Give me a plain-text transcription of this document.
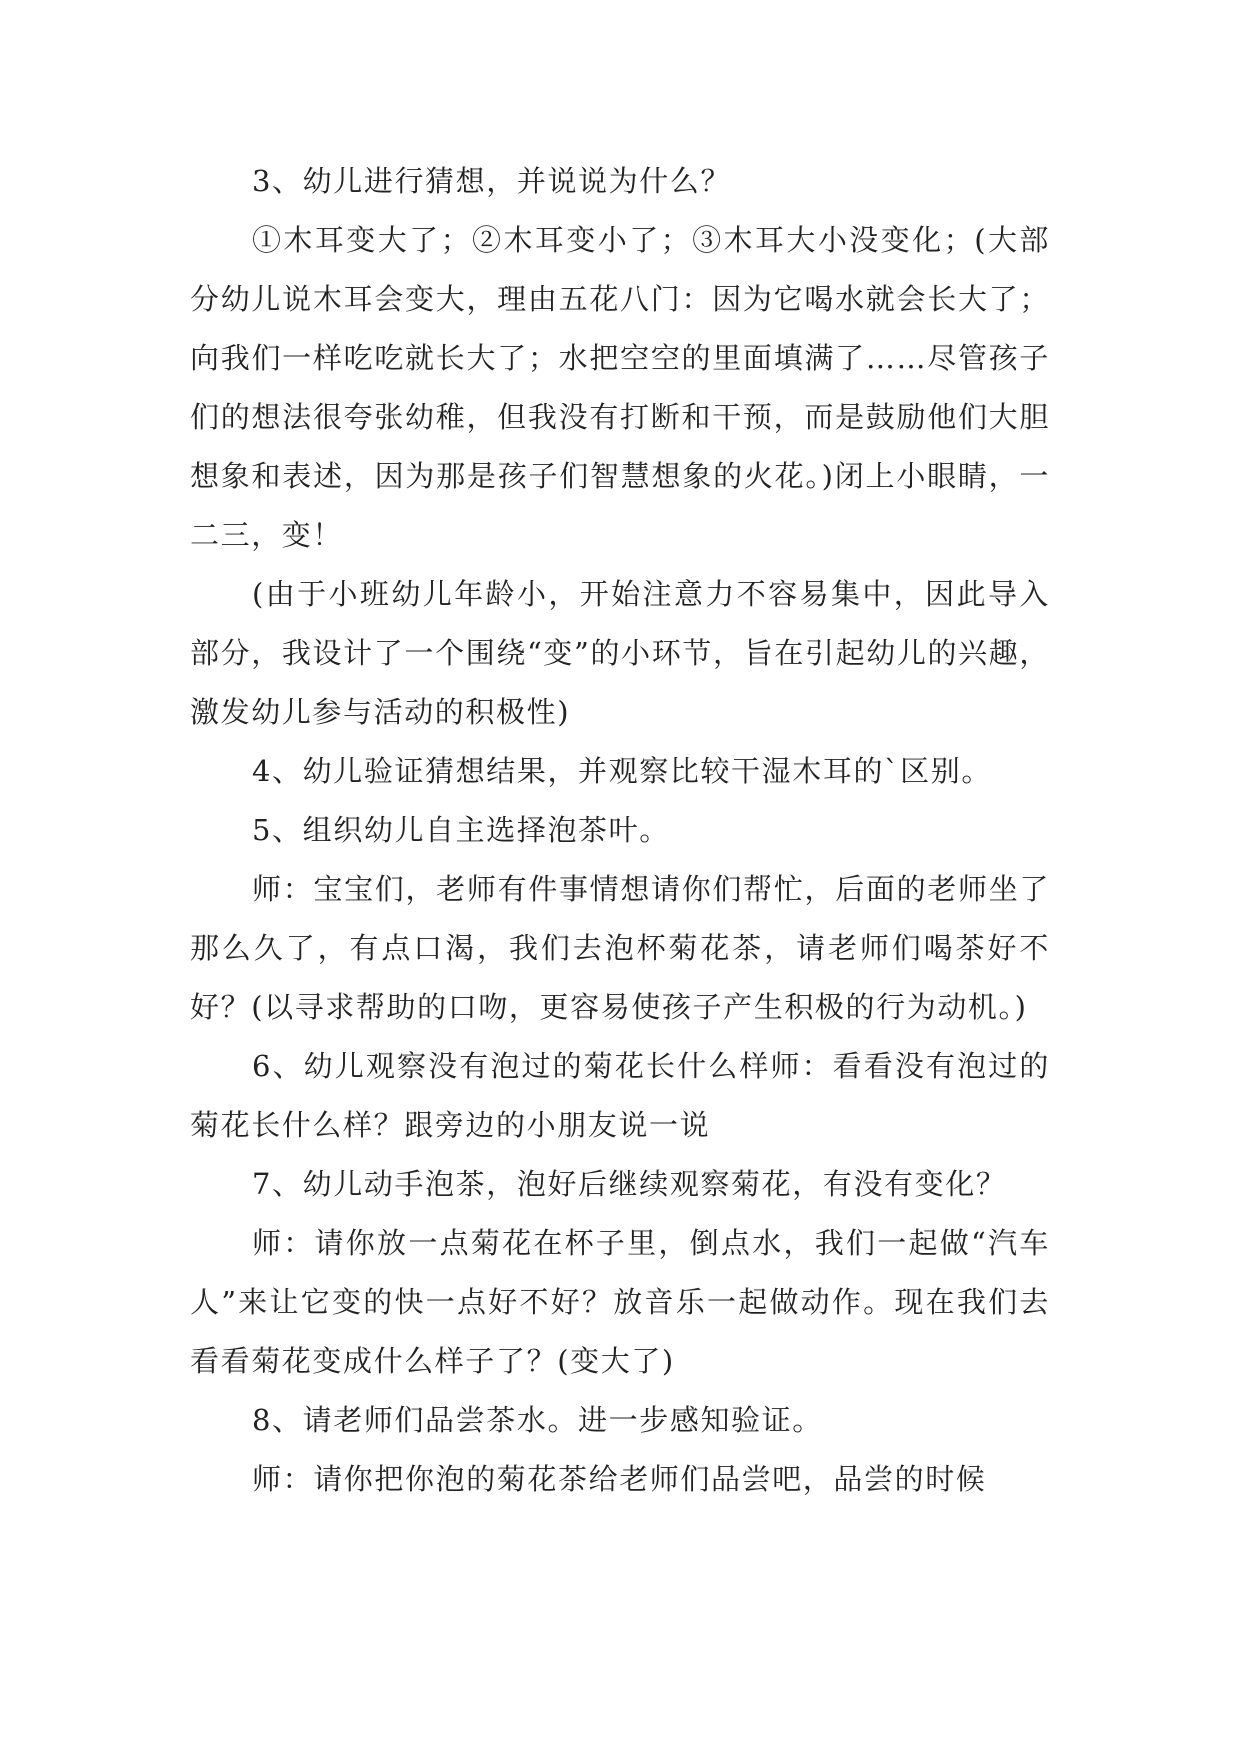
3、幼儿进行猜想，并说说为什么？

①木耳变大了；②木耳变小了；③木耳大小没变化；(大部分幼儿说木耳会变大，理由五花八门：因为它喝水就会长大了；向我们一样吃吃就长大了；水把空空的里面填满了……尽管孩子们的想法很夸张幼稚，但我没有打断和干预，而是鼓励他们大胆想象和表述，因为那是孩子们智慧想象的火花。)闭上小眼睛，一二三，变！

(由于小班幼儿年龄小，开始注意力不容易集中，因此导入部分，我设计了一个围绕“变”的小环节，旨在引起幼儿的兴趣，激发幼儿参与活动的积极性)

4、幼儿验证猜想结果，并观察比较干湿木耳的`区别。

5、组织幼儿自主选择泡茶叶。

师：宝宝们，老师有件事情想请你们帮忙，后面的老师坐了那么久了，有点口渴，我们去泡杯菊花茶，请老师们喝茶好不好？(以寻求帮助的口吻，更容易使孩子产生积极的行为动机。)

6、幼儿观察没有泡过的菊花长什么样师：看看没有泡过的菊花长什么样？跟旁边的小朋友说一说

7、幼儿动手泡茶，泡好后继续观察菊花，有没有变化？

师：请你放一点菊花在杯子里，倒点水，我们一起做“汽车人”来让它变的快一点好不好？放音乐一起做动作。现在我们去看看菊花变成什么样子了？(变大了)

8、请老师们品尝茶水。进一步感知验证。

师：请你把你泡的菊花茶给老师们品尝吧，品尝的时候
